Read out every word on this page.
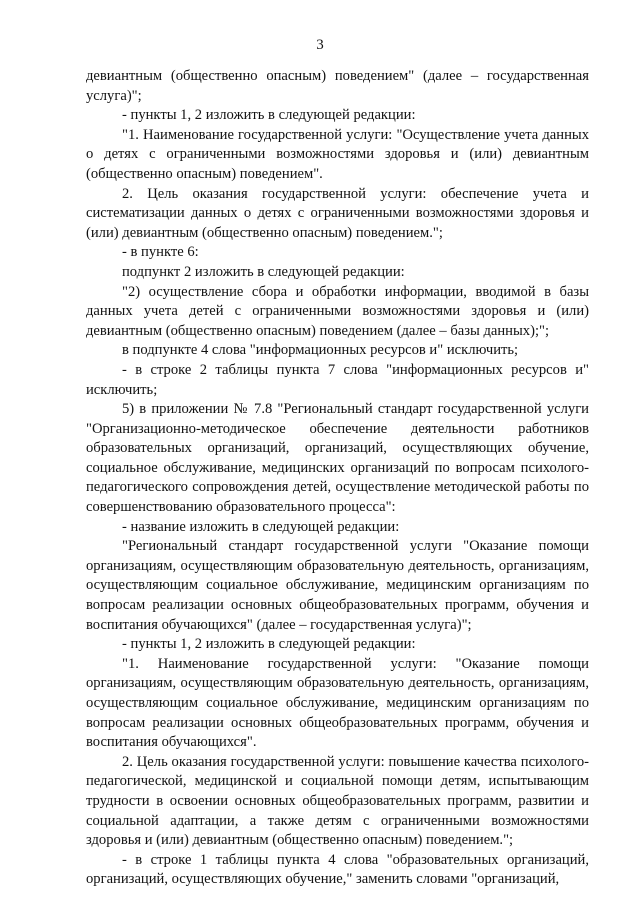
3

девиантным (общественно опасным) поведением" (далее – государственная услуга)";

- пункты 1, 2 изложить в следующей редакции:

"1. Наименование государственной услуги: "Осуществление учета данных о детях с ограниченными возможностями здоровья и (или) девиантным (общественно опасным) поведением".

2. Цель оказания государственной услуги: обеспечение учета и систематизации данных о детях с ограниченными возможностями здоровья и (или) девиантным (общественно опасным) поведением.";

- в пункте 6:

подпункт 2 изложить в следующей редакции:

"2) осуществление сбора и обработки информации, вводимой в базы данных учета детей с ограниченными возможностями здоровья и (или) девиантным (общественно опасным) поведением (далее – базы данных);";

в подпункте 4 слова "информационных ресурсов и" исключить;

- в строке 2 таблицы пункта 7 слова "информационных ресурсов и" исключить;

5) в приложении № 7.8 "Региональный стандарт государственной услуги "Организационно-методическое обеспечение деятельности работников образовательных организаций, организаций, осуществляющих обучение, социальное обслуживание, медицинских организаций по вопросам психолого-педагогического сопровождения детей, осуществление методической работы по совершенствованию образовательного процесса":

- название изложить в следующей редакции:

"Региональный стандарт государственной услуги "Оказание помощи организациям, осуществляющим образовательную деятельность, организациям, осуществляющим социальное обслуживание, медицинским организациям по вопросам реализации основных общеобразовательных программ, обучения и воспитания обучающихся" (далее – государственная услуга)";

- пункты 1, 2 изложить в следующей редакции:

"1. Наименование государственной услуги: "Оказание помощи организациям, осуществляющим образовательную деятельность, организациям, осуществляющим социальное обслуживание, медицинским организациям по вопросам реализации основных общеобразовательных программ, обучения и воспитания обучающихся".

2. Цель оказания государственной услуги: повышение качества психолого-педагогической, медицинской и социальной помощи детям, испытывающим трудности в освоении основных общеобразовательных программ, развитии и социальной адаптации, а также детям с ограниченными возможностями здоровья и (или) девиантным (общественно опасным) поведением.";

- в строке 1 таблицы пункта 4 слова "образовательных организаций, организаций, осуществляющих обучение," заменить словами "организаций,
